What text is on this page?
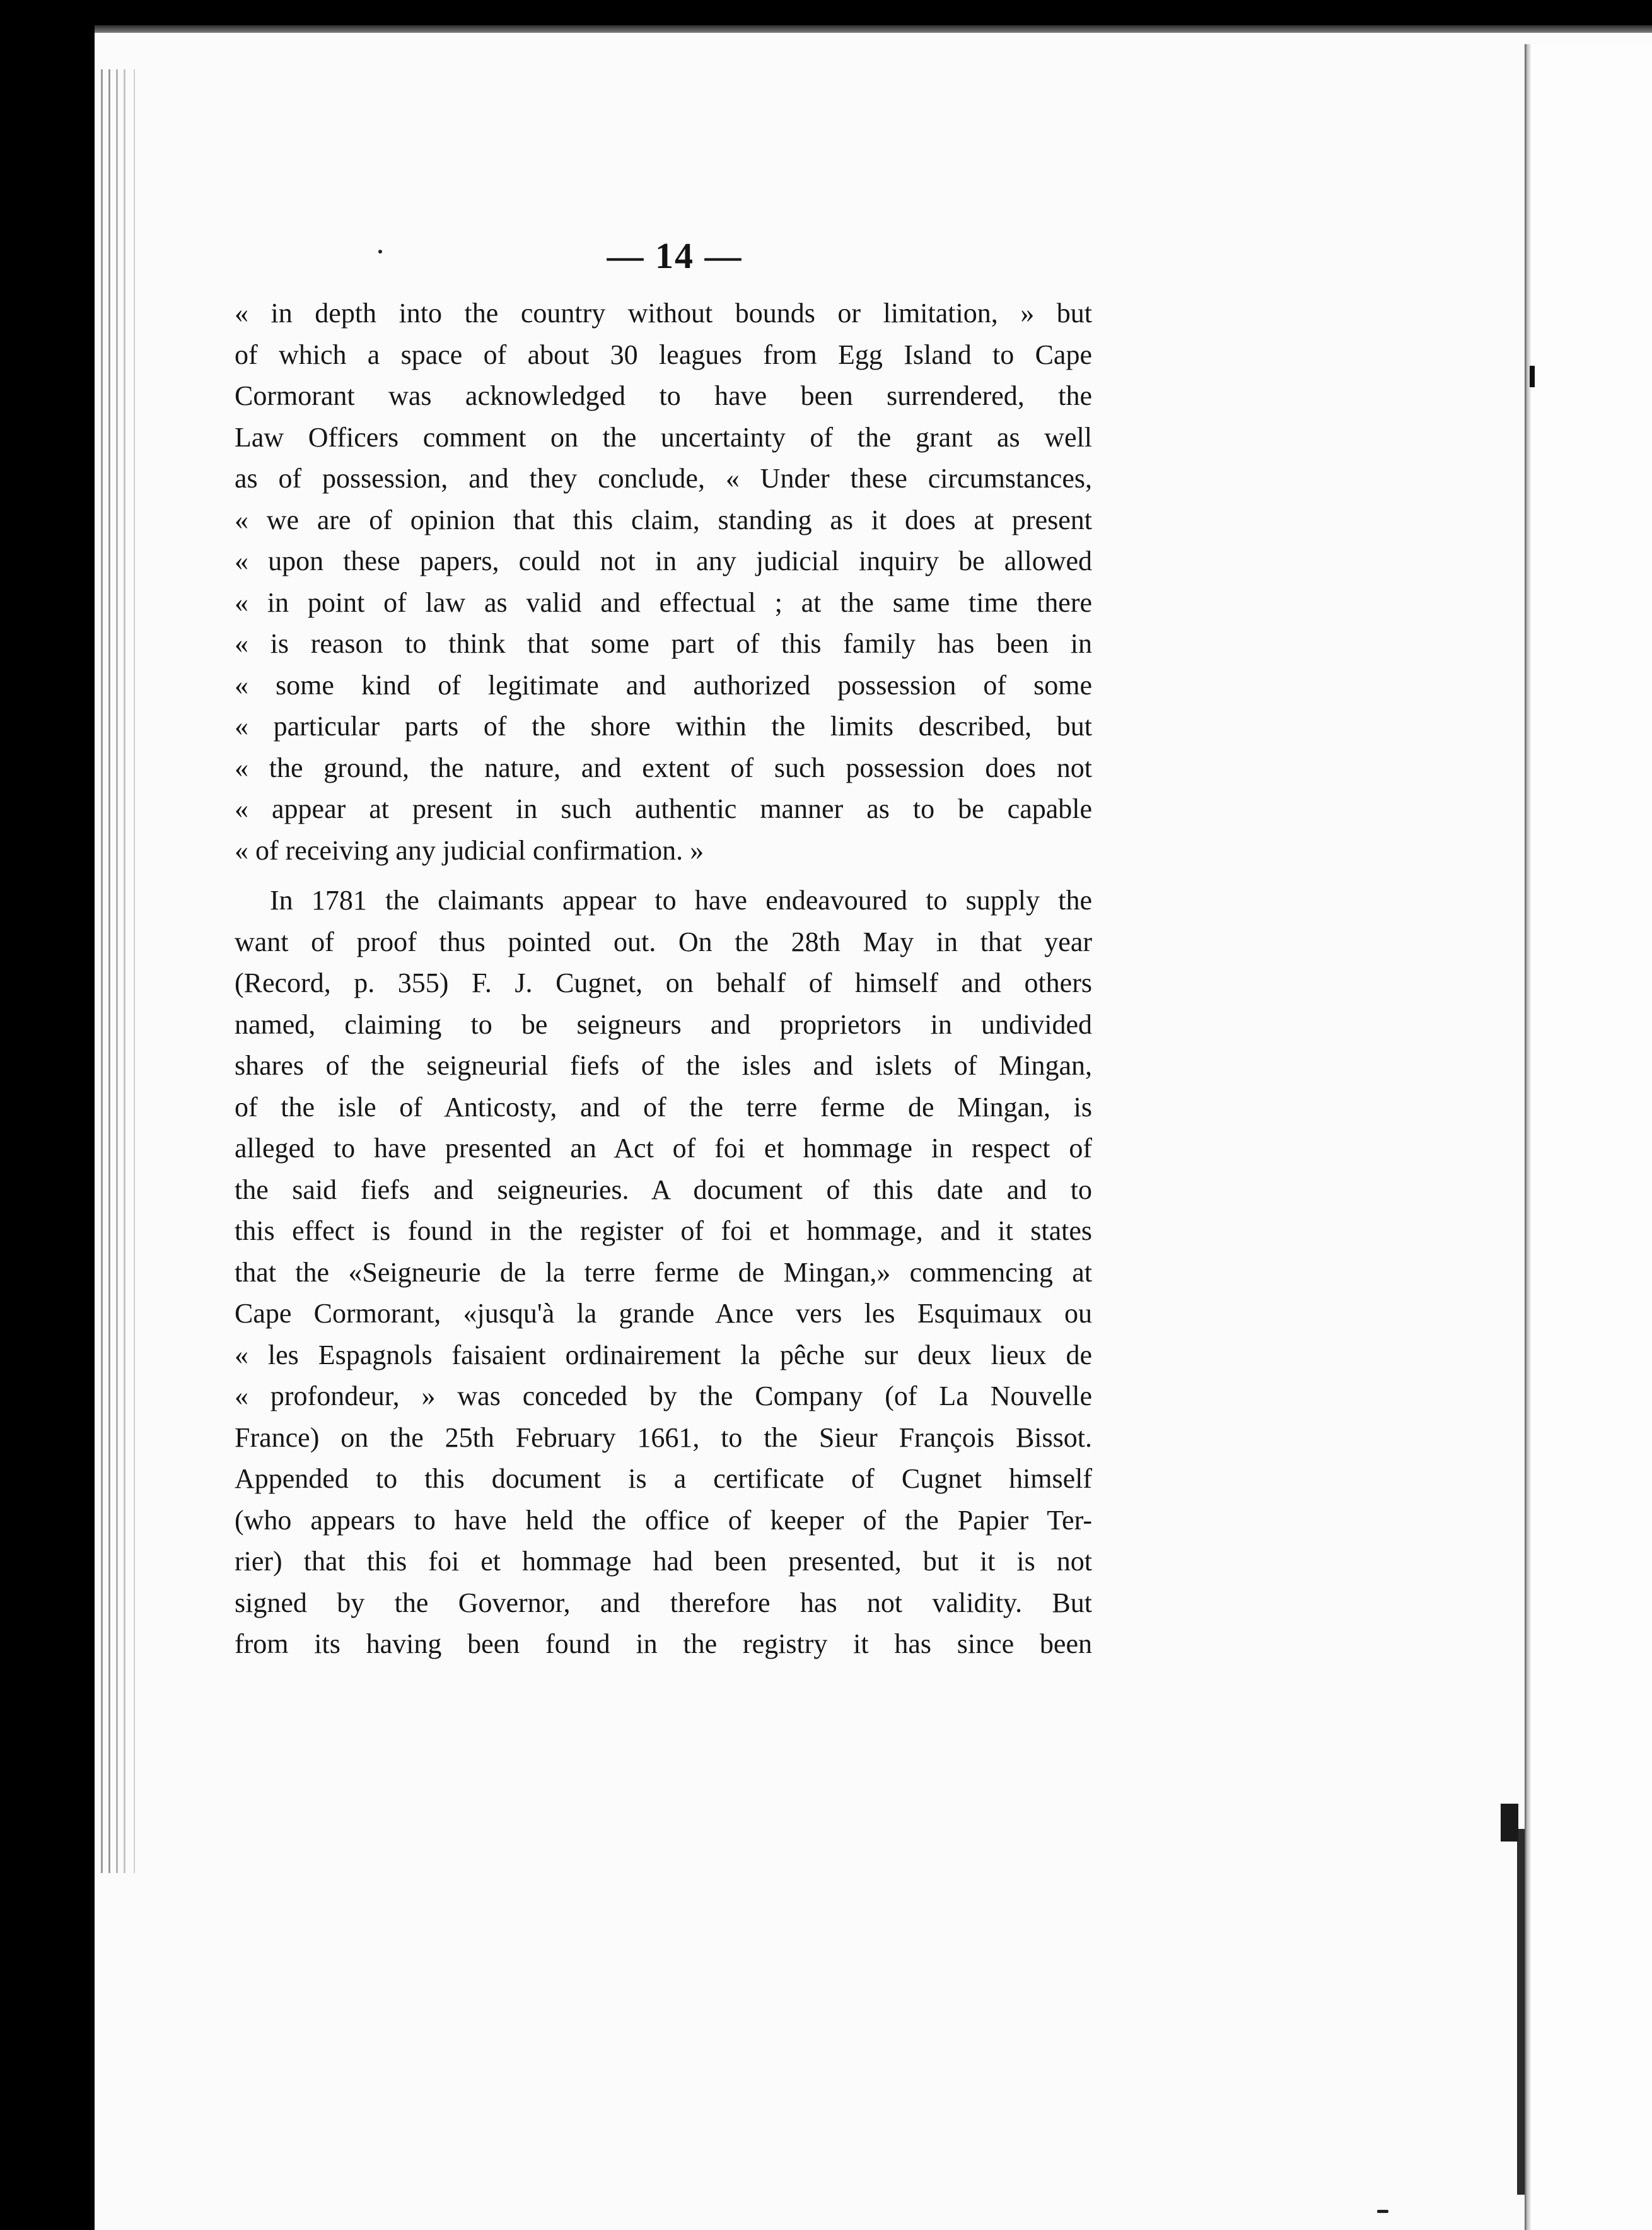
— 14 —
« in depth into the country without bounds or limitation, » but
of which a space of about 30 leagues from Egg Island to Cape
Cormorant was acknowledged to have been surrendered, the
Law Officers comment on the uncertainty of the grant as well
as of possession, and they conclude, « Under these circumstances,
« we are of opinion that this claim, standing as it does at present
« upon these papers, could not in any judicial inquiry be allowed
« in point of law as valid and effectual ; at the same time there
« is reason to think that some part of this family has been in
« some kind of legitimate and authorized possession of some
« particular parts of the shore within the limits described, but
« the ground, the nature, and extent of such possession does not
« appear at present in such authentic manner as to be capable
« of receiving any judicial confirmation. »
In 1781 the claimants appear to have endeavoured to supply the
want of proof thus pointed out. On the 28th May in that year
(Record, p. 355) F. J. Cugnet, on behalf of himself and others
named, claiming to be seigneurs and proprietors in undivided
shares of the seigneurial fiefs of the isles and islets of Mingan,
of the isle of Anticosty, and of the terre ferme de Mingan, is
alleged to have presented an Act of foi et hommage in respect of
the said fiefs and seigneuries. A document of this date and to
this effect is found in the register of foi et hommage, and it states
that the «Seigneurie de la terre ferme de Mingan,» commencing at
Cape Cormorant, «jusqu'à la grande Ance vers les Esquimaux ou
« les Espagnols faisaient ordinairement la pêche sur deux lieux de
« profondeur, » was conceded by the Company (of La Nouvelle
France) on the 25th February 1661, to the Sieur François Bissot.
Appended to this document is a certificate of Cugnet himself
(who appears to have held the office of keeper of the Papier Ter-
rier) that this foi et hommage had been presented, but it is not
signed by the Governor, and therefore has not validity. But
from its having been found in the registry it has since been
